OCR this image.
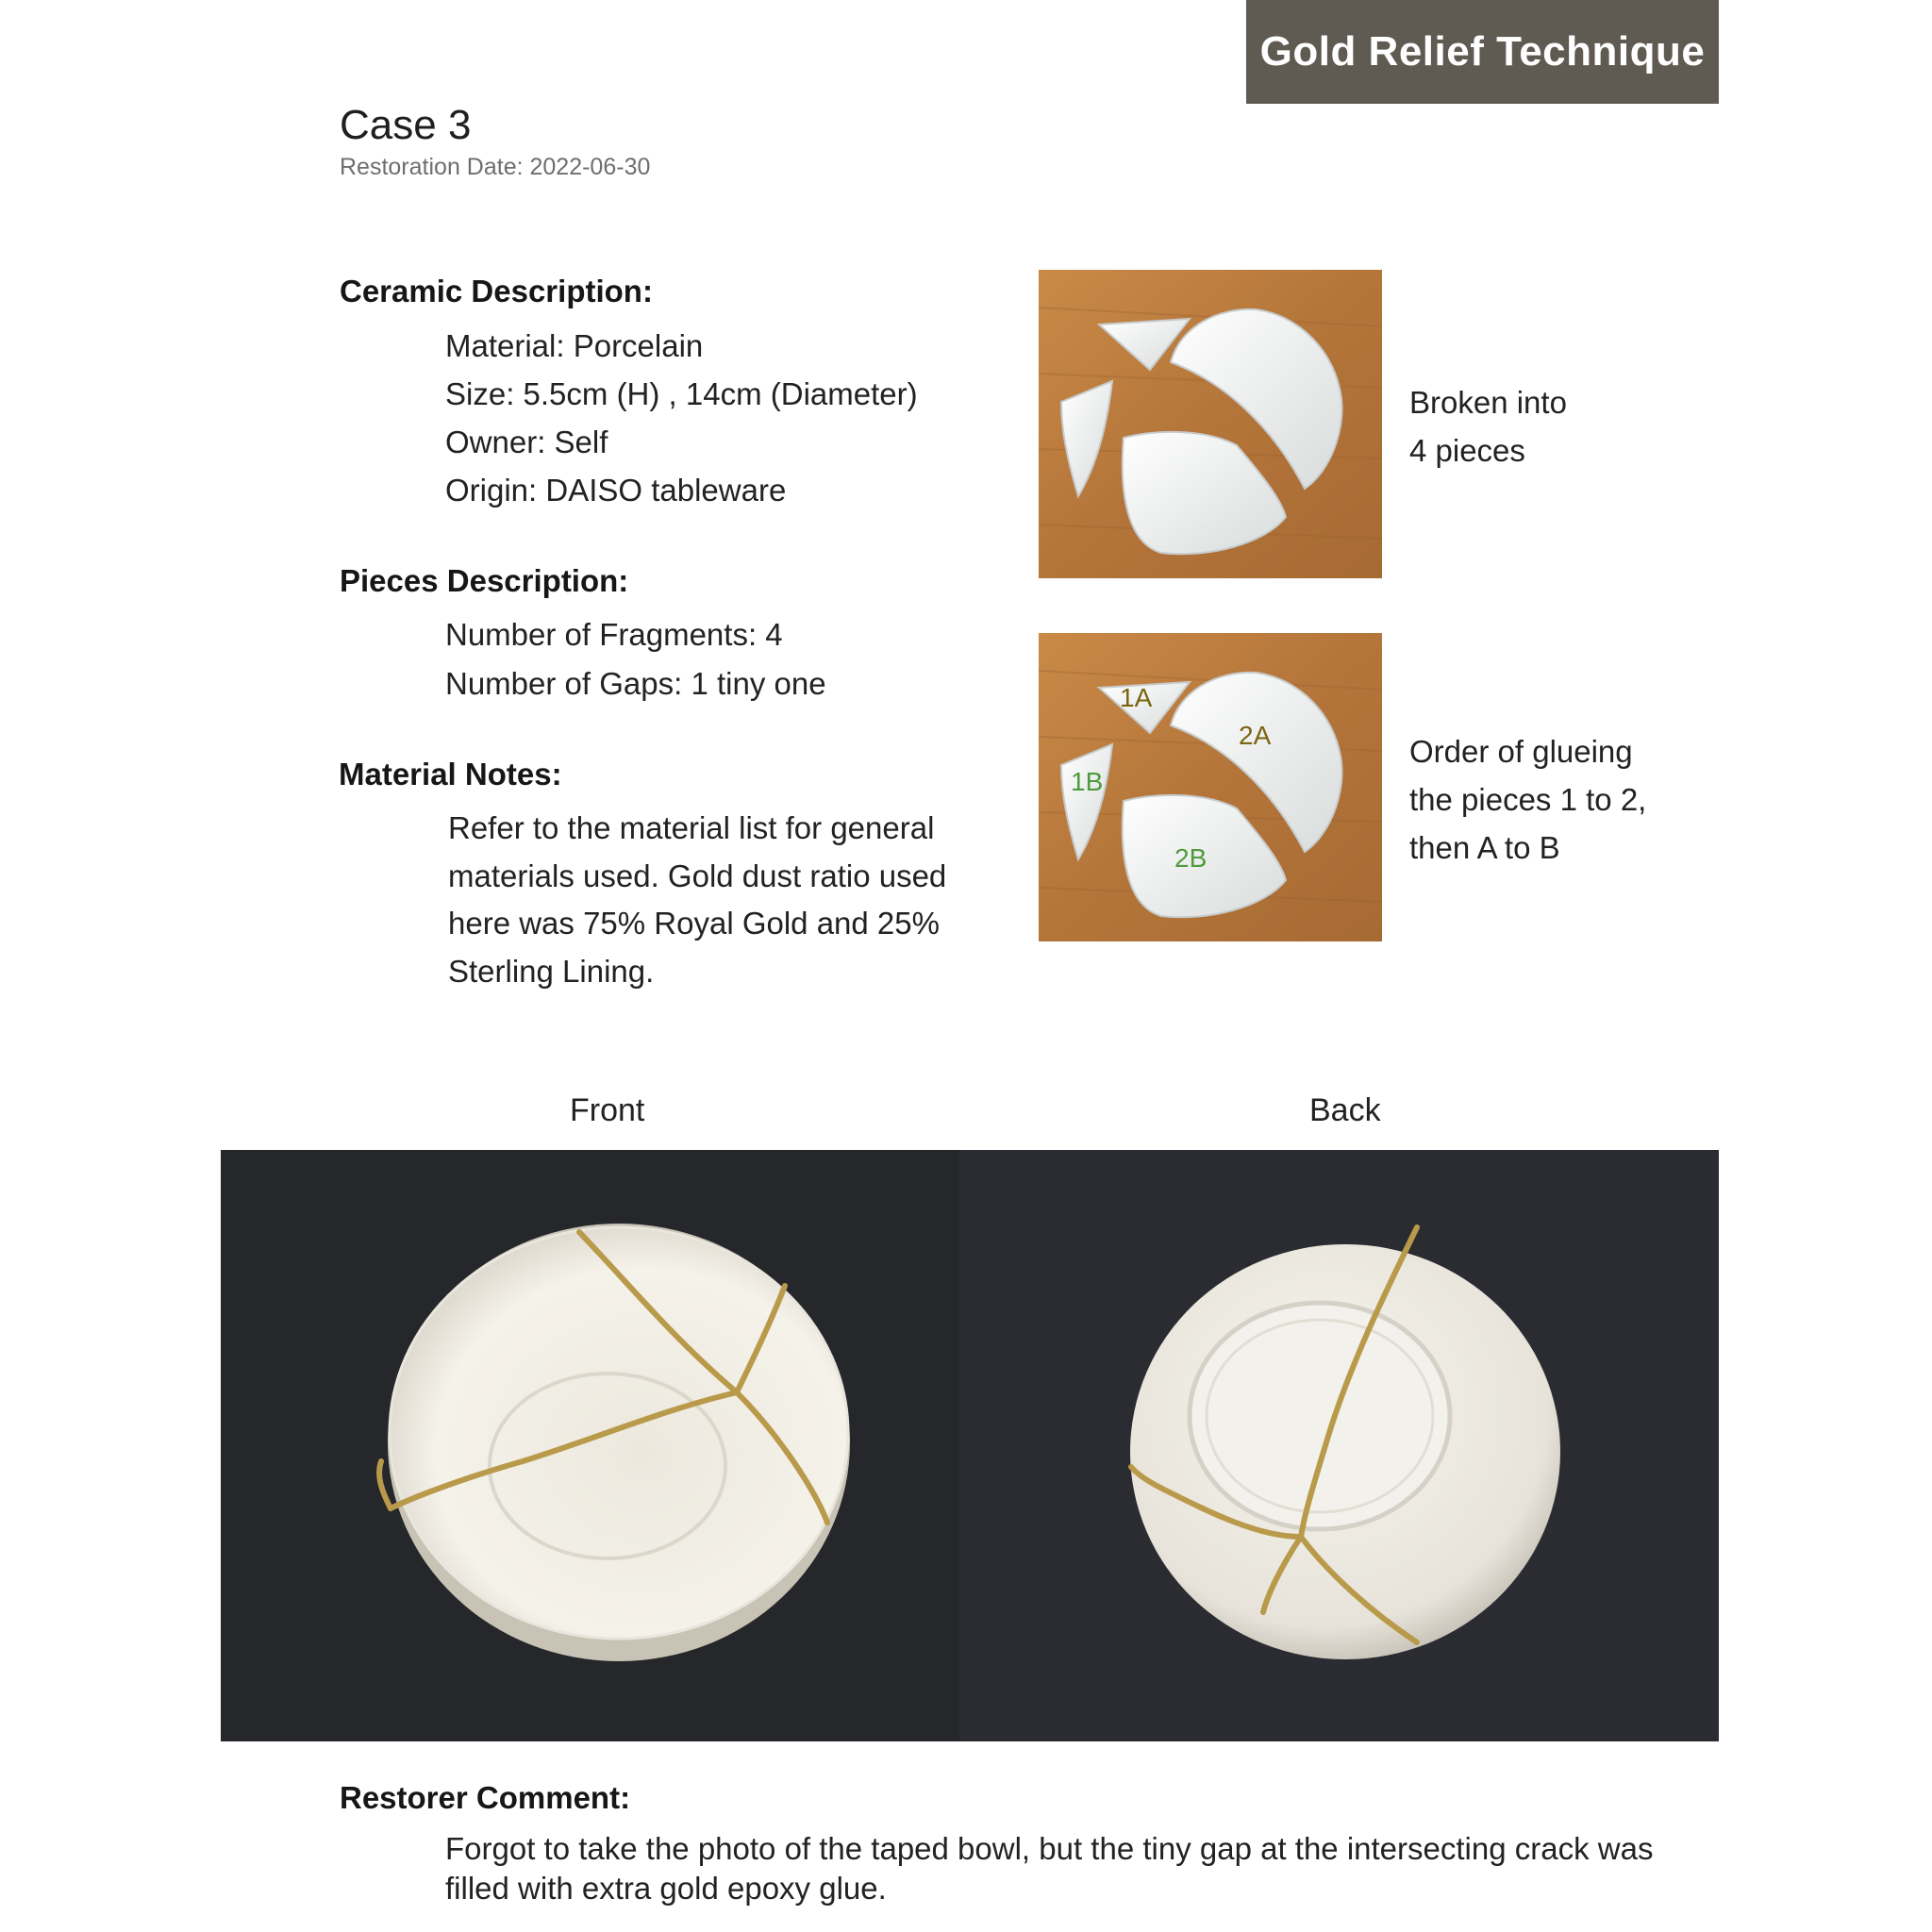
Gold Relief Technique
Case 3
Restoration Date: 2022-06-30
Ceramic Description:
Material: Porcelain
Size: 5.5cm (H) , 14cm (Diameter)
Owner: Self
Origin: DAISO tableware
Pieces Description:
Number of Fragments: 4
Number of Gaps: 1 tiny one
Material Notes:
Refer to the material list for general materials used. Gold dust ratio used here was 75% Royal Gold and 25% Sterling Lining.
Broken into
4 pieces
1A
2A
1B
2B
Order of glueing
the pieces 1 to 2,
then A to B
Front	Back
Restorer Comment:
Forgot to take the photo of the taped bowl, but the tiny gap at the intersecting crack was filled with extra gold epoxy glue.
